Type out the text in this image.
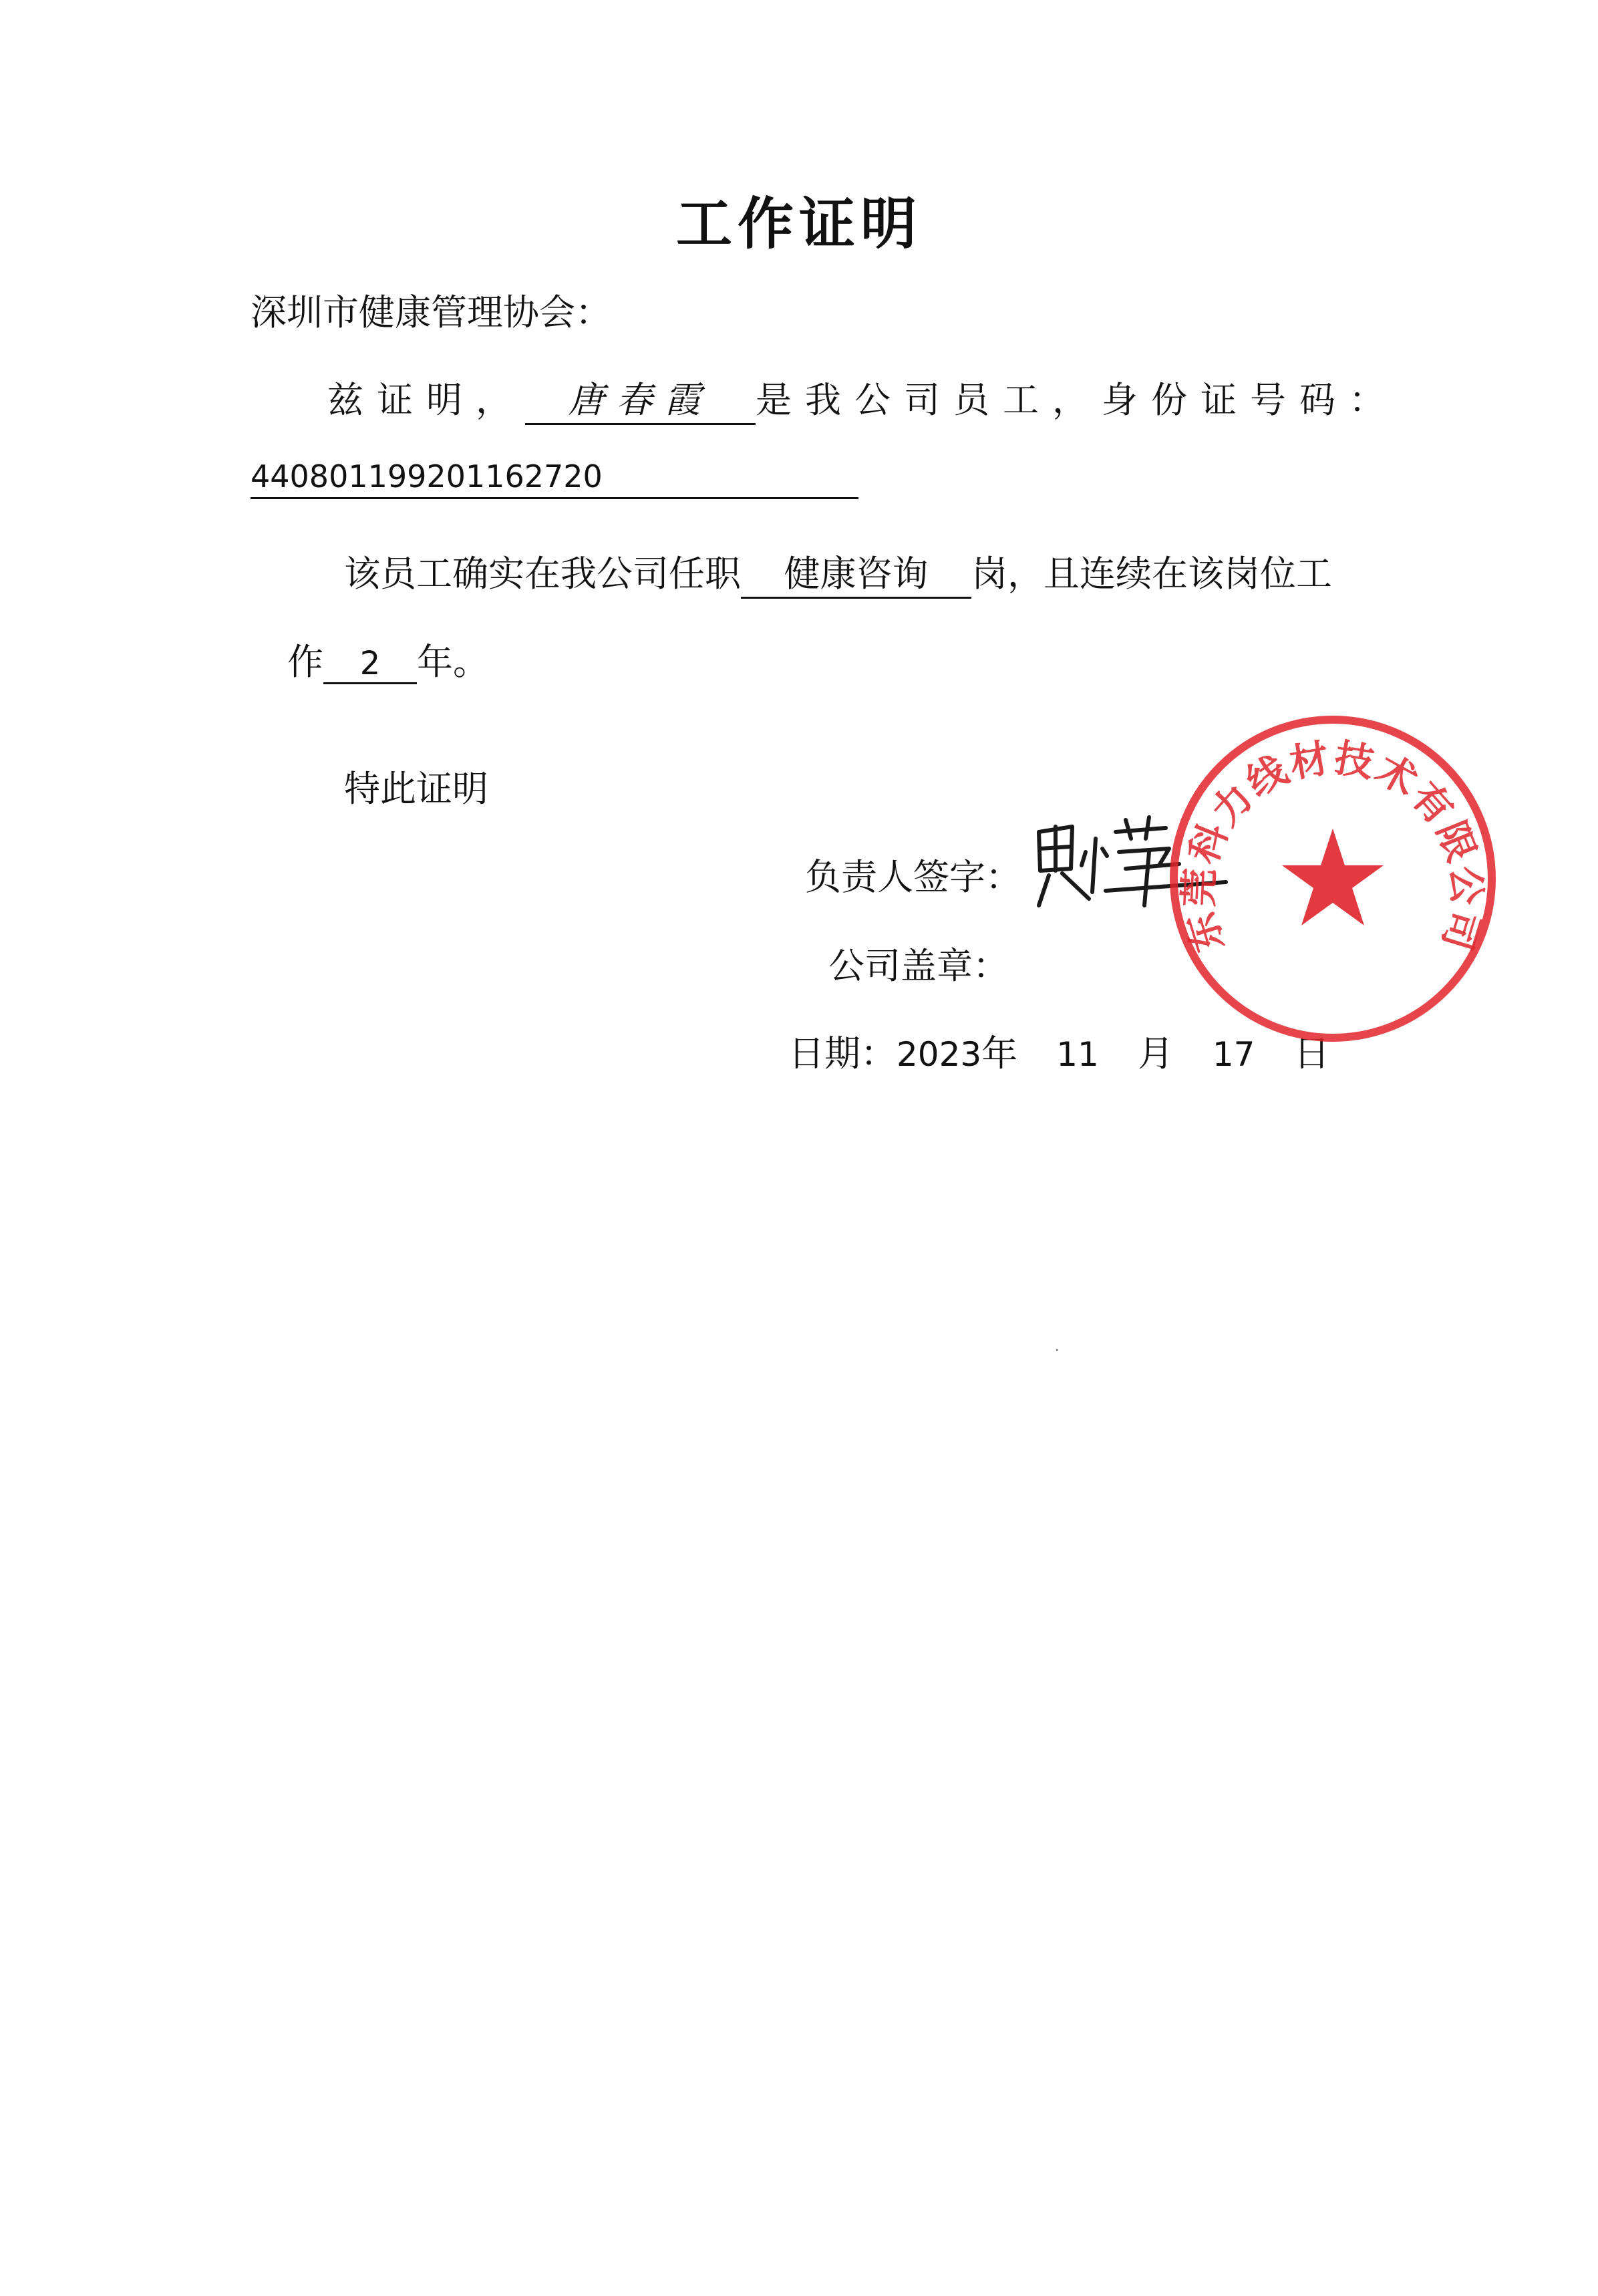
工作证明
深圳市健康管理协会：
兹证明， 唐春霞 是我公司员工，身份证号码：
440801199201162720
该员工确实在我公司任职 健康咨询 岗，且连续在该岗位工
作 2 年。
特此证明
负责人签字：
公司盖章：
日期：2023年 11 月 17 日
东莞科力线材技术有限公司
